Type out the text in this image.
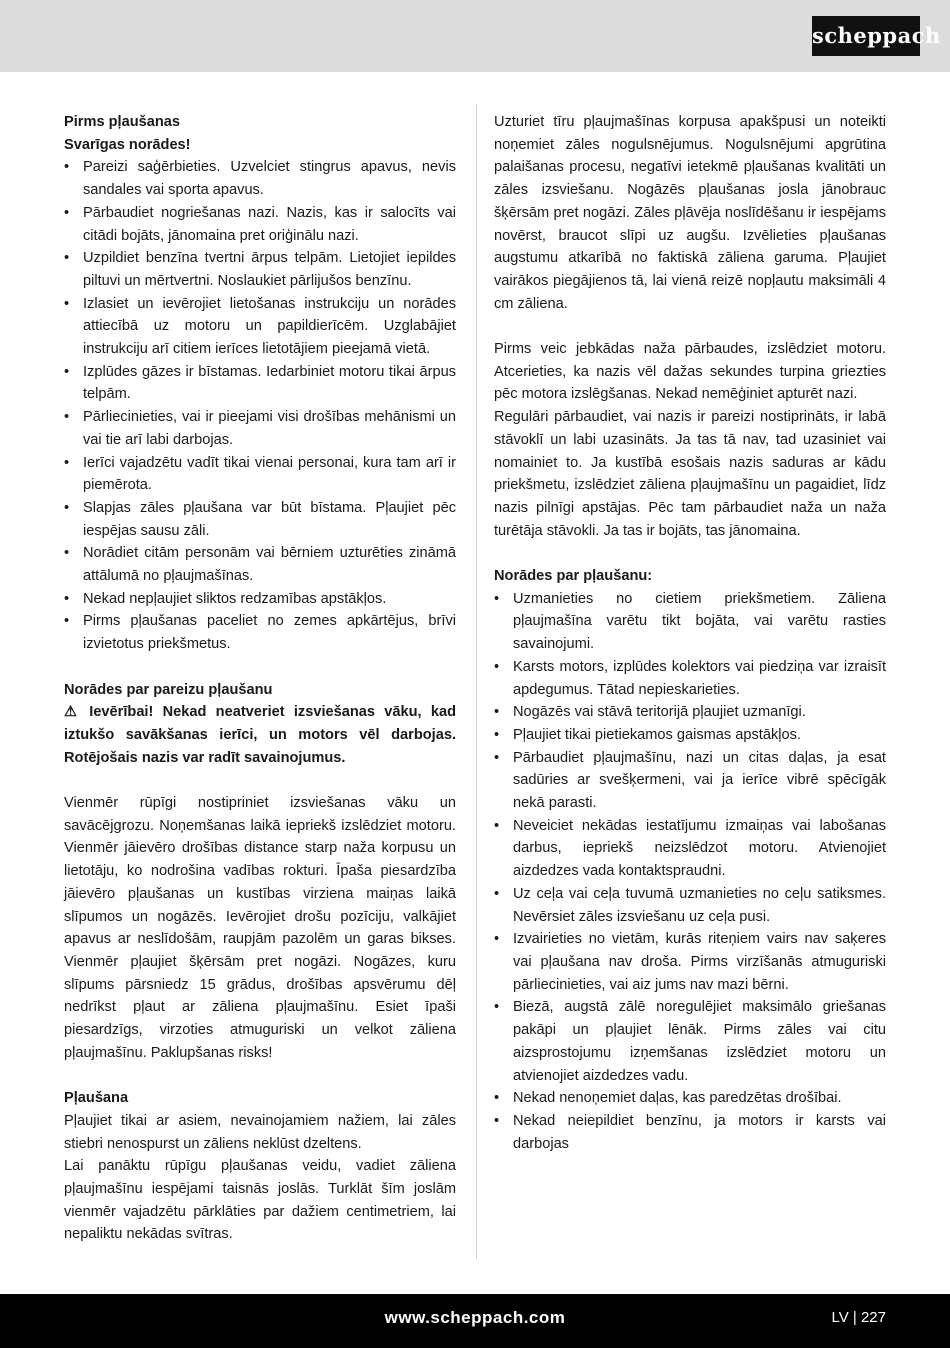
scheppach

Pirms pļaušanas

Svarīgas norādes!

• Pareizi saģērbieties. Uzvelciet stingrus apavus, nevis sandales vai sporta apavus.
• Pārbaudiet nogriešanas nazi. Nazis, kas ir salocīts vai citādi bojāts, jānomaina pret oriģinālu nazi.
• Uzpildiet benzīna tvertni ārpus telpām. Lietojiet iepildes piltuvi un mērtvertni. Noslaukiet pārlijušos benzīnu.
• Izlasiet un ievērojiet lietošanas instrukciju un norādes attiecībā uz motoru un papildierīcēm. Uzglabājiet instrukciju arī citiem ierīces lietotājiem pieejamā vietā.
• Izplūdes gāzes ir bīstamas. Iedarbiniet motoru tikai ārpus telpām.
• Pārliecinieties, vai ir pieejami visi drošības mehānismi un vai tie arī labi darbojas.
• Ierīci vajadzētu vadīt tikai vienai personai, kura tam arī ir piemērota.
• Slapjas zāles pļaušana var būt bīstama. Pļaujiet pēc iespējas sausu zāli.
• Norādiet citām personām vai bērniem uzturēties zināmā attālumā no pļaujmašīnas.
• Nekad nepļaujiet sliktos redzamības apstākļos.
• Pirms pļaušanas paceliet no zemes apkārtējus, brīvi izvietotus priekšmetus.

Norādes par pareizu pļaušanu

⚠ Ievērībai! Nekad neatveriet izsviešanas vāku, kad iztukšo savākšanas ierīci, un motors vēl darbojas. Rotējošais nazis var radīt savainojumus.

Vienmēr rūpīgi nostipriniet izsviešanas vāku un savācējgrozu. Noņemšanas laikā iepriekš izslēdziet motoru. Vienmēr jāievēro drošības distance starp naža korpusu un lietotāju, ko nodrošina vadības rokturi. Īpaša piesardzība jāievēro pļaušanas un kustības virziena maiņas laikā slīpumos un nogāzēs. Ievērojiet drošu pozīciju, valkājiet apavus ar neslīdošām, raupjām pazolēm un garas bikses. Vienmēr pļaujiet šķērsām pret nogāzi. Nogāzes, kuru slīpums pārsniedz 15 grādus, drošības apsvērumu dēļ nedrīkst pļaut ar zāliena pļaujmašīnu. Esiet īpaši piesardzīgs, virzoties atmuguriski un velkot zāliena pļaujmašīnu. Paklupšanas risks!

Pļaušana

Pļaujiet tikai ar asiem, nevainojamiem nažiem, lai zāles stiebri nenospurst un zāliens neklūst dzeltens.

Lai panāktu rūpīgu pļaušanas veidu, vadiet zāliena pļaujmašīnu iespējami taisnās joslās. Turklāt šīm joslām vienmēr vajadzētu pārklāties par dažiem centimetriem, lai nepaliktu nekādas svītras.

Uzturiet tīru pļaujmašīnas korpusa apakšpusi un noteikti noņemiet zāles nogulsnējumus. Nogulsnējumi apgrūtina palaišanas procesu, negatīvi ietekmē pļaušanas kvalitāti un zāles izsviešanu. Nogāzēs pļaušanas josla jānobrauc šķērsām pret nogāzi. Zāles pļāvēja noslīdēšanu ir iespējams novērst, braucot slīpi uz augšu. Izvēlieties pļaušanas augstumu atkarībā no faktiskā zāliena garuma. Pļaujiet vairākos piegājienos tā, lai vienā reizē nopļautu maksimāli 4 cm zāliena.

Pirms veic jebkādas naža pārbaudes, izslēdziet motoru. Atcerieties, ka nazis vēl dažas sekundes turpina griezties pēc motora izslēgšanas. Nekad nemēģiniet apturēt nazi.

Regulāri pārbaudiet, vai nazis ir pareizi nostiprināts, ir labā stāvoklī un labi uzasināts. Ja tas tā nav, tad uzasiniet vai nomainiet to. Ja kustībā esošais nazis saduras ar kādu priekšmetu, izslēdziet zāliena pļaujmašīnu un pagaidiet, līdz nazis pilnīgi apstājas. Pēc tam pārbaudiet naža un naža turētāja stāvokli. Ja tas ir bojāts, tas jānomaina.

Norādes par pļaušanu:

• Uzmanieties no cietiem priekšmetiem. Zāliena pļaujmašīna varētu tikt bojāta, vai varētu rasties savainojumi.
• Karsts motors, izplūdes kolektors vai piedziņa var izraisīt apdegumus. Tātad nepieskarieties.
• Nogāzēs vai stāvā teritorijā pļaujiet uzmanīgi.
• Pļaujiet tikai pietiekamos gaismas apstākļos.
• Pārbaudiet pļaujmašīnu, nazi un citas daļas, ja esat sadūries ar svešķermeni, vai ja ierīce vibrē spēcīgāk nekā parasti.
• Neveiciet nekādas iestatījumu izmaiņas vai labošanas darbus, iepriekš neizslēdzot motoru. Atvienojiet aizdedzes vada kontaktspraudni.
• Uz ceļa vai ceļa tuvumā uzmanieties no ceļu satiksmes. Nevērsiet zāles izsviešanu uz ceļa pusi.
• Izvairieties no vietām, kurās riteņiem vairs nav saķeres vai pļaušana nav droša. Pirms virzīšanās atmuguriski pārliecinieties, vai aiz jums nav mazi bērni.
• Biezā, augstā zālē noregulējiet maksimālo griešanas pakāpi un pļaujiet lēnāk. Pirms zāles vai citu aizsprostojumu izņemšanas izslēdziet motoru un atvienojiet aizdedzes vadu.
• Nekad nenoņemiet daļas, kas paredzētas drošībai.
• Nekad neiepildiet benzīnu, ja motors ir karsts vai darbojas
www.scheppach.com	LV | 227
